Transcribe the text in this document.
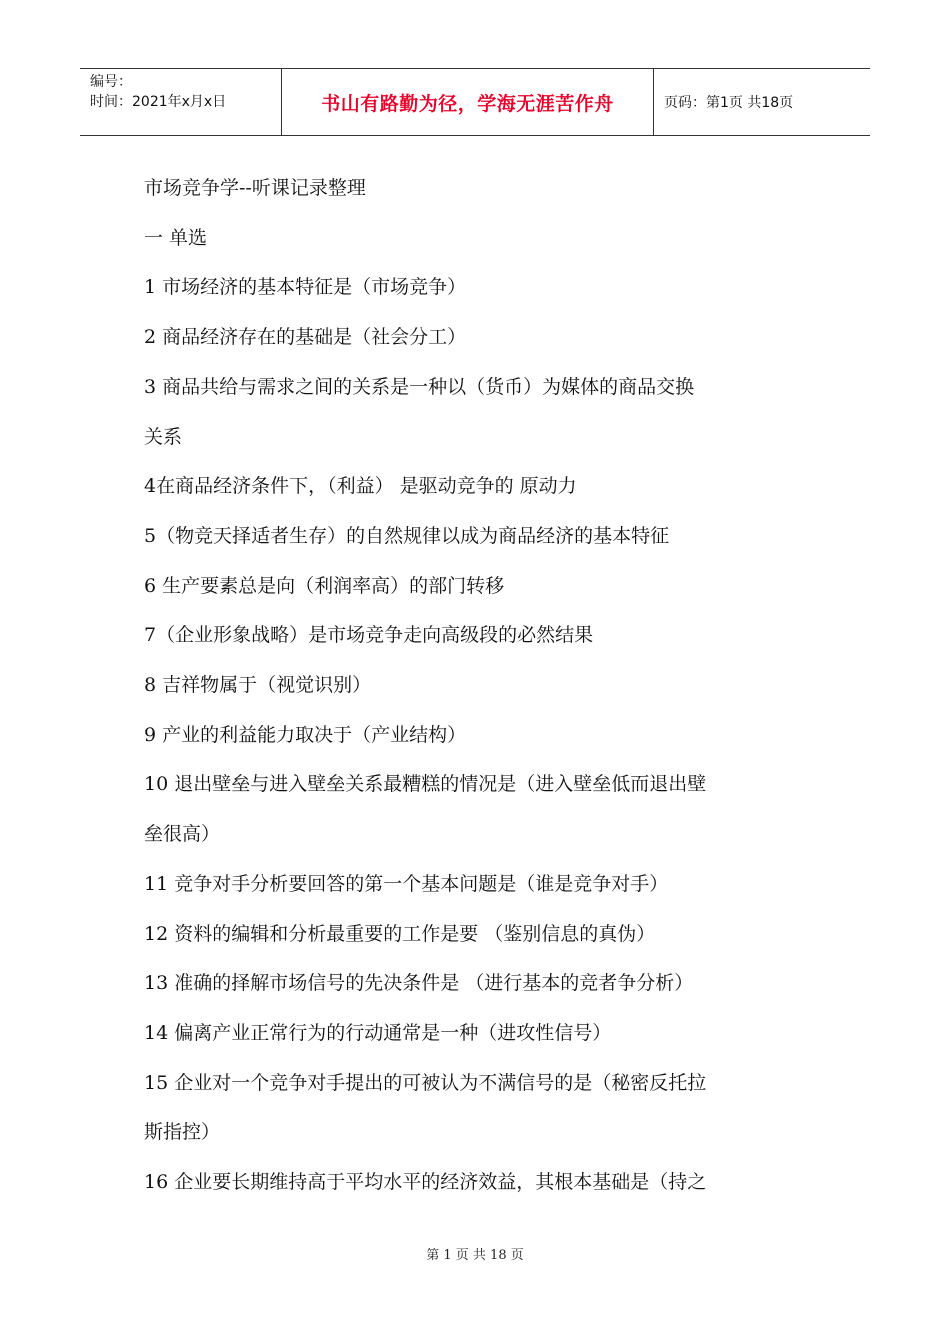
编号：
时间：2021年x月x日	书山有路勤为径，学海无涯苦作舟	页码：第1页 共18页

市场竞争学--听课记录整理

一 单选

1 市场经济的基本特征是（市场竞争）

2 商品经济存在的基础是（社会分工）

3 商品共给与需求之间的关系是一种以（货币）为媒体的商品交换

关系

4在商品经济条件下，（利益） 是驱动竞争的 原动力

5（物竞天择适者生存）的自然规律以成为商品经济的基本特征

6 生产要素总是向（利润率高）的部门转移

7（企业形象战略）是市场竞争走向高级段的必然结果

8 吉祥物属于（视觉识别）

9 产业的利益能力取决于（产业结构）

10 退出壁垒与进入壁垒关系最糟糕的情况是（进入壁垒低而退出壁

垒很高）

11 竞争对手分析要回答的第一个基本问题是（谁是竞争对手）

12 资料的编辑和分析最重要的工作是要 （鉴别信息的真伪）

13 准确的择解市场信号的先决条件是 （进行基本的竞者争分析）

14 偏离产业正常行为的行动通常是一种（进攻性信号）

15 企业对一个竞争对手提出的可被认为不满信号的是（秘密反托拉

斯指控）

16 企业要长期维持高于平均水平的经济效益，其根本基础是（持之

第 1 页 共 18 页
